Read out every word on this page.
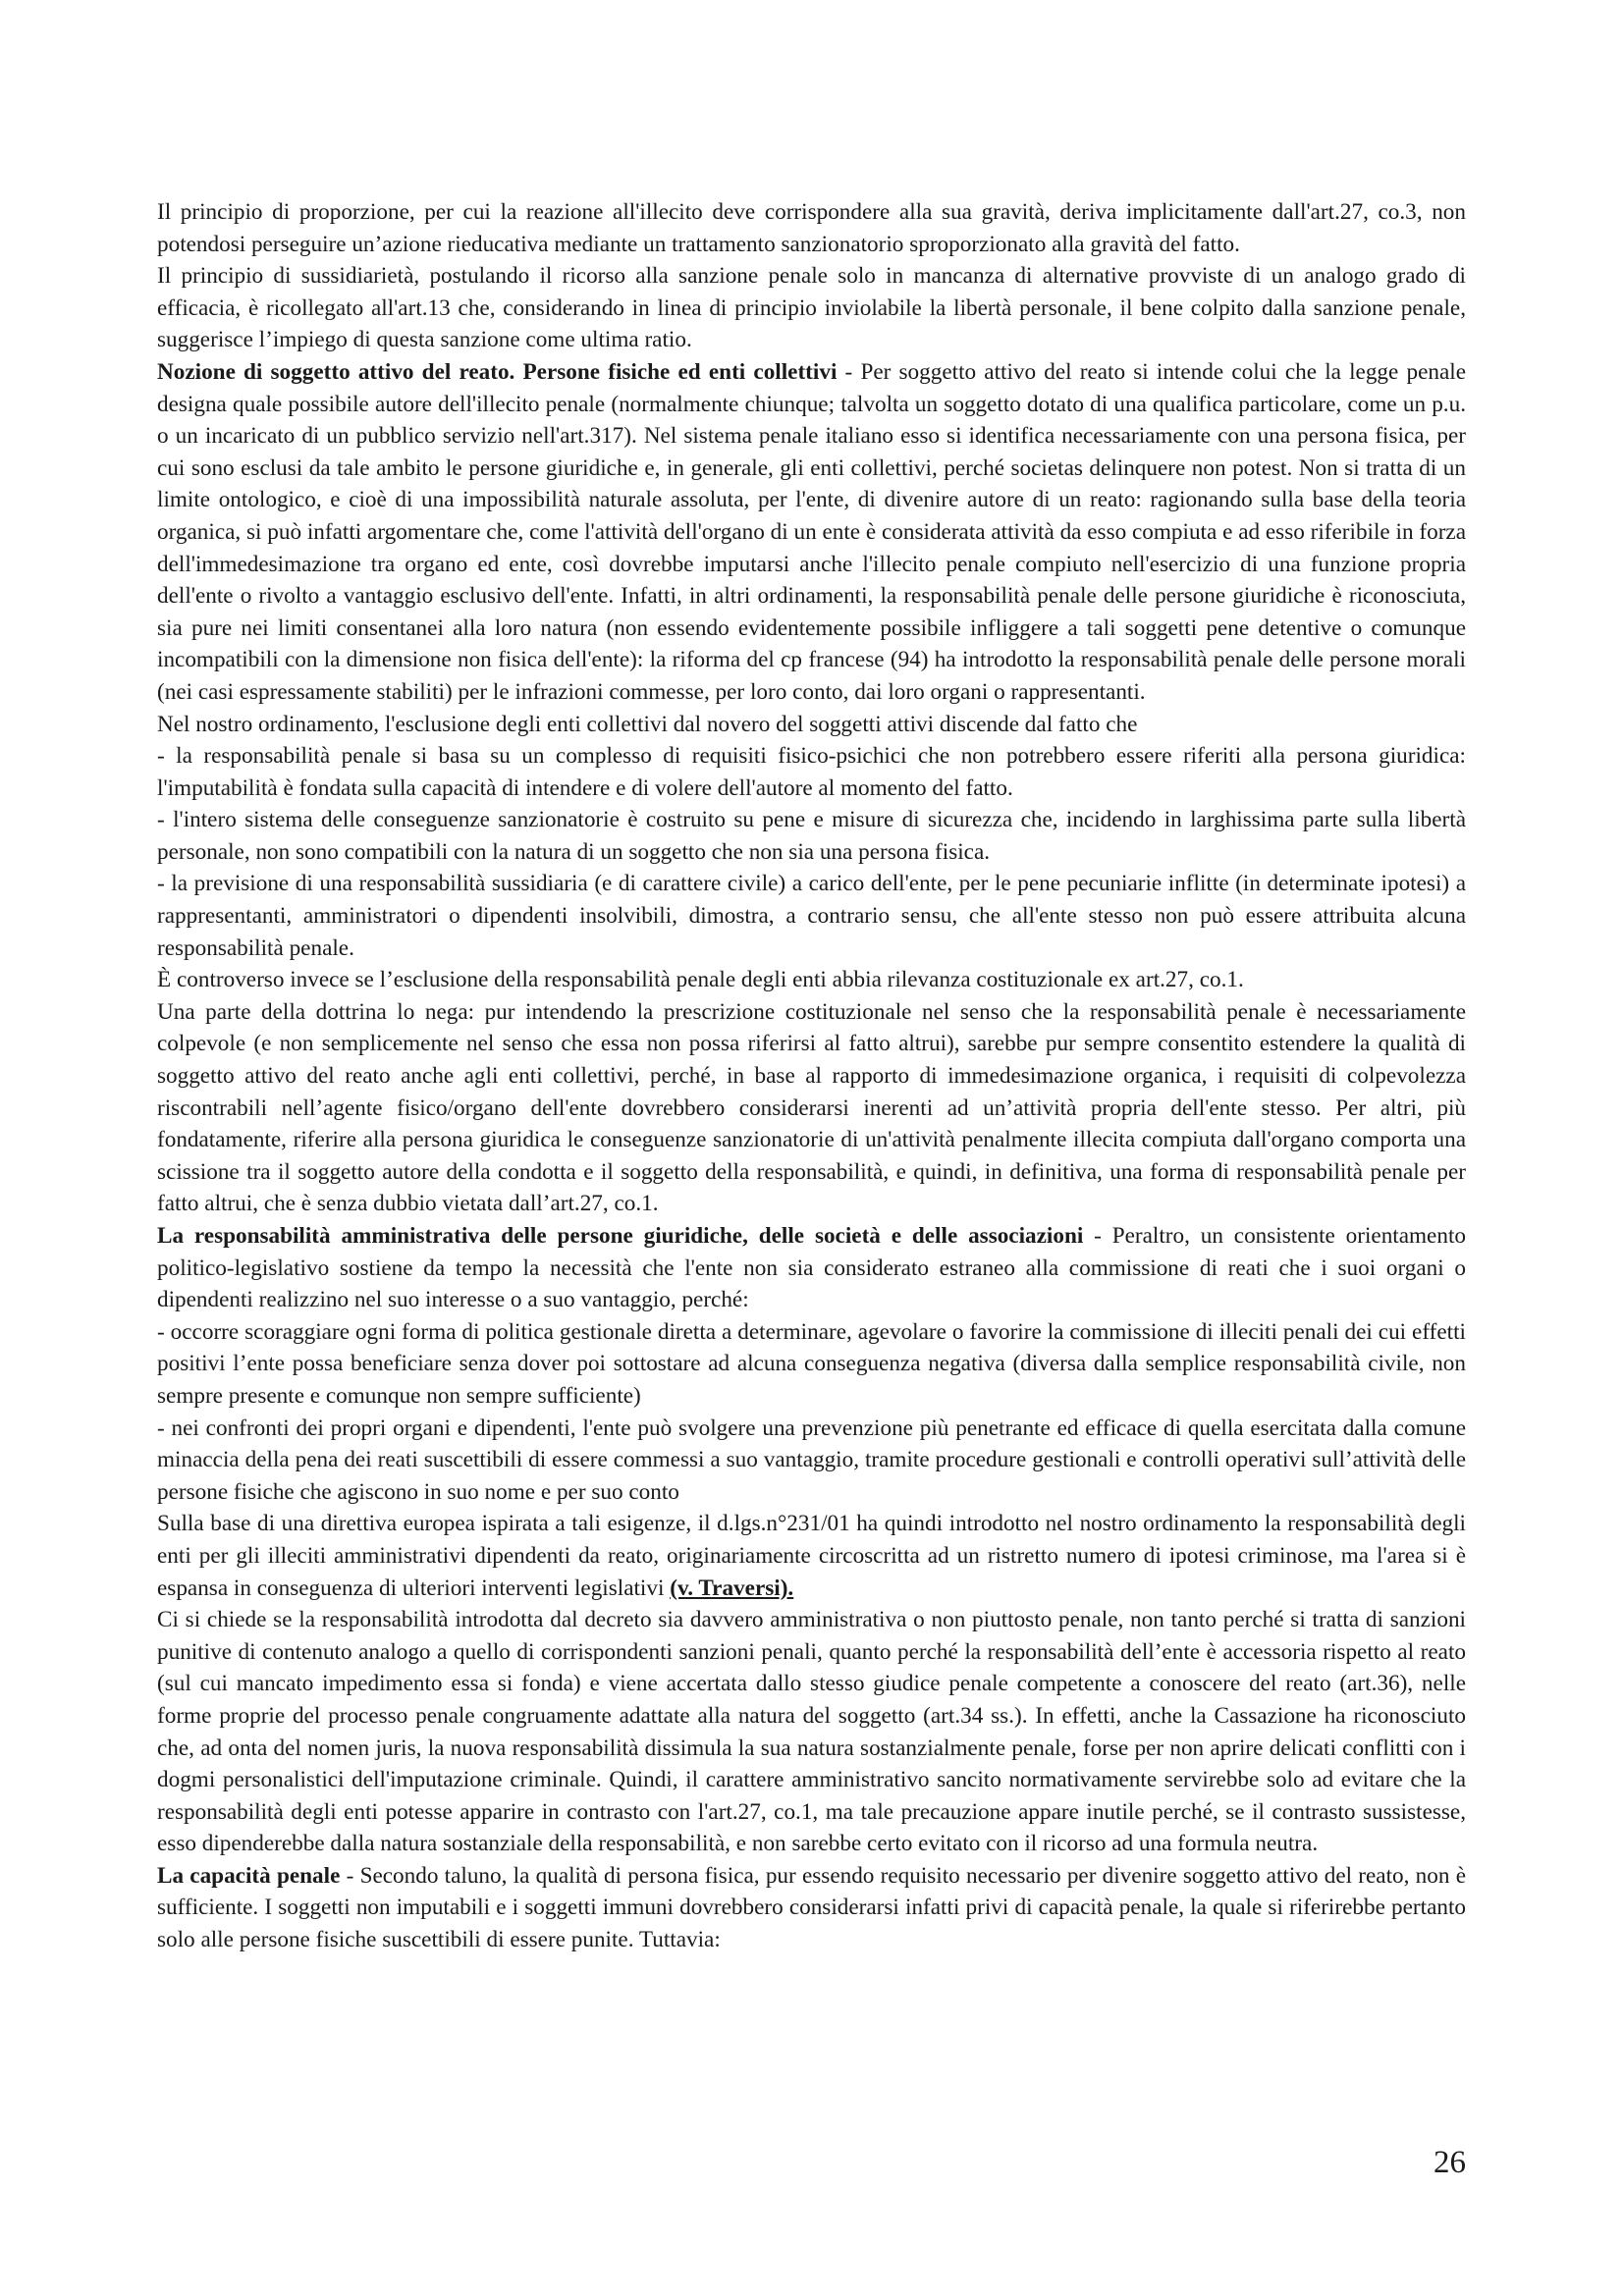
Il principio di proporzione, per cui la reazione all'illecito deve corrispondere alla sua gravità, deriva implicitamente dall'art.27, co.3, non potendosi perseguire un’azione rieducativa mediante un trattamento sanzionatorio sproporzionato alla gravità del fatto.

Il principio di sussidiarietà, postulando il ricorso alla sanzione penale solo in mancanza di alternative provviste di un analogo grado di efficacia, è ricollegato all'art.13 che, considerando in linea di principio inviolabile la libertà personale, il bene colpito dalla sanzione penale, suggerisce l’impiego di questa sanzione come ultima ratio.

Nozione di soggetto attivo del reato. Persone fisiche ed enti collettivi - Per soggetto attivo del reato si intende colui che la legge penale designa quale possibile autore dell'illecito penale (normalmente chiunque; talvolta un soggetto dotato di una qualifica particolare, come un p.u. o un incaricato di un pubblico servizio nell'art.317). Nel sistema penale italiano esso si identifica necessariamente con una persona fisica, per cui sono esclusi da tale ambito le persone giuridiche e, in generale, gli enti collettivi, perché societas delinquere non potest. Non si tratta di un limite ontologico, e cioè di una impossibilità naturale assoluta, per l'ente, di divenire autore di un reato: ragionando sulla base della teoria organica, si può infatti argomentare che, come l'attività dell'organo di un ente è considerata attività da esso compiuta e ad esso riferibile in forza dell'immedesimazione tra organo ed ente, così dovrebbe imputarsi anche l'illecito penale compiuto nell'esercizio di una funzione propria dell'ente o rivolto a vantaggio esclusivo dell'ente. Infatti, in altri ordinamenti, la responsabilità penale delle persone giuridiche è riconosciuta, sia pure nei limiti consentanei alla loro natura (non essendo evidentemente possibile infliggere a tali soggetti pene detentive o comunque incompatibili con la dimensione non fisica dell'ente): la riforma del cp francese (94) ha introdotto la responsabilità penale delle persone morali (nei casi espressamente stabiliti) per le infrazioni commesse, per loro conto, dai loro organi o rappresentanti.

Nel nostro ordinamento, l'esclusione degli enti collettivi dal novero del soggetti attivi discende dal fatto che

- la responsabilità penale si basa su un complesso di requisiti fisico-psichici che non potrebbero essere riferiti alla persona giuridica: l'imputabilità è fondata sulla capacità di intendere e di volere dell'autore al momento del fatto.

- l'intero sistema delle conseguenze sanzionatorie è costruito su pene e misure di sicurezza che, incidendo in larghissima parte sulla libertà personale, non sono compatibili con la natura di un soggetto che non sia una persona fisica.

- la previsione di una responsabilità sussidiaria (e di carattere civile) a carico dell'ente, per le pene pecuniarie inflitte (in determinate ipotesi) a rappresentanti, amministratori o dipendenti insolvibili, dimostra, a contrario sensu, che all'ente stesso non può essere attribuita alcuna responsabilità penale.

È controverso invece se l’esclusione della responsabilità penale degli enti abbia rilevanza costituzionale ex art.27, co.1.

Una parte della dottrina lo nega: pur intendendo la prescrizione costituzionale nel senso che la responsabilità penale è necessariamente colpevole (e non semplicemente nel senso che essa non possa riferirsi al fatto altrui), sarebbe pur sempre consentito estendere la qualità di soggetto attivo del reato anche agli enti collettivi, perché, in base al rapporto di immedesimazione organica, i requisiti di colpevolezza riscontrabili nell’agente fisico/organo dell'ente dovrebbero considerarsi inerenti ad un’attività propria dell'ente stesso. Per altri, più fondatamente, riferire alla persona giuridica le conseguenze sanzionatorie di un'attività penalmente illecita compiuta dall'organo comporta una scissione tra il soggetto autore della condotta e il soggetto della responsabilità, e quindi, in definitiva, una forma di responsabilità penale per fatto altrui, che è senza dubbio vietata dall’art.27, co.1.

La responsabilità amministrativa delle persone giuridiche, delle società e delle associazioni - Peraltro, un consistente orientamento politico-legislativo sostiene da tempo la necessità che l'ente non sia considerato estraneo alla commissione di reati che i suoi organi o dipendenti realizzino nel suo interesse o a suo vantaggio, perché:

- occorre scoraggiare ogni forma di politica gestionale diretta a determinare, agevolare o favorire la commissione di illeciti penali dei cui effetti positivi l’ente possa beneficiare senza dover poi sottostare ad alcuna conseguenza negativa (diversa dalla semplice responsabilità civile, non sempre presente e comunque non sempre sufficiente)

- nei confronti dei propri organi e dipendenti, l'ente può svolgere una prevenzione più penetrante ed efficace di quella esercitata dalla comune minaccia della pena dei reati suscettibili di essere commessi a suo vantaggio, tramite procedure gestionali e controlli operativi sull’attività delle persone fisiche che agiscono in suo nome e per suo conto

Sulla base di una direttiva europea ispirata a tali esigenze, il d.lgs.n°231/01 ha quindi introdotto nel nostro ordinamento la responsabilità degli enti per gli illeciti amministrativi dipendenti da reato, originariamente circoscritta ad un ristretto numero di ipotesi criminose, ma l'area si è espansa in conseguenza di ulteriori interventi legislativi (v. Traversi).

Ci si chiede se la responsabilità introdotta dal decreto sia davvero amministrativa o non piuttosto penale, non tanto perché si tratta di sanzioni punitive di contenuto analogo a quello di corrispondenti sanzioni penali, quanto perché la responsabilità dell’ente è accessoria rispetto al reato (sul cui mancato impedimento essa si fonda) e viene accertata dallo stesso giudice penale competente a conoscere del reato (art.36), nelle forme proprie del processo penale congruamente adattate alla natura del soggetto (art.34 ss.). In effetti, anche la Cassazione ha riconosciuto che, ad onta del nomen juris, la nuova responsabilità dissimula la sua natura sostanzialmente penale, forse per non aprire delicati conflitti con i dogmi personalistici dell'imputazione criminale. Quindi, il carattere amministrativo sancito normativamente servirebbe solo ad evitare che la responsabilità degli enti potesse apparire in contrasto con l'art.27, co.1, ma tale precauzione appare inutile perché, se il contrasto sussistesse, esso dipenderebbe dalla natura sostanziale della responsabilità, e non sarebbe certo evitato con il ricorso ad una formula neutra.

La capacità penale - Secondo taluno, la qualità di persona fisica, pur essendo requisito necessario per divenire soggetto attivo del reato, non è sufficiente. I soggetti non imputabili e i soggetti immuni dovrebbero considerarsi infatti privi di capacità penale, la quale si riferirebbe pertanto solo alle persone fisiche suscettibili di essere punite. Tuttavia:

26
